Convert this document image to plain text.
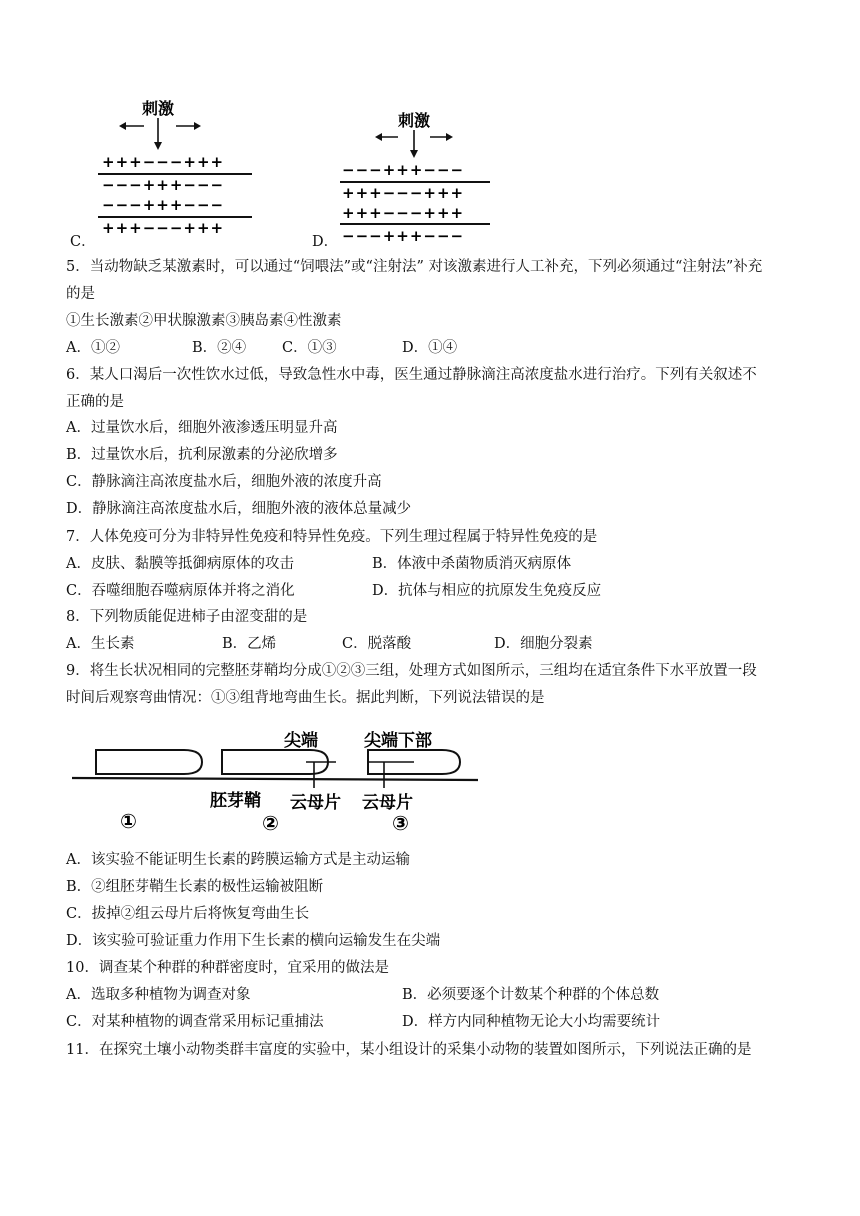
刺激
+++−−−+++
−−−+++−−−
−−−+++−−−
+++−−−+++
C．
刺激
−−−+++−−−
+++−−−+++
+++−−−+++
−−−+++−−−
D．
5．当动物缺乏某激素时，可以通过“饲喂法”或“注射法” 对该激素进行人工补充，下列必须通过“注射法”补充
的是
①生长激素②甲状腺激素③胰岛素④性激素
A．①②	B．②④ C．①③	D．①④
6．某人口渴后一次性饮水过低，导致急性水中毒，医生通过静脉滴注高浓度盐水进行治疗。下列有关叙述不
正确的是
A．过量饮水后，细胞外液渗透压明显升高
B．过量饮水后，抗利尿激素的分泌欣增多
C．静脉滴注高浓度盐水后，细胞外液的浓度升高
D．静脉滴注高浓度盐水后，细胞外液的液体总量减少
7．人体免疫可分为非特异性免疫和特异性免疫。下列生理过程属于特异性免疫的是
A．皮肤、黏膜等抵御病原体的攻击	B．体液中杀菌物质消灭病原体
C．吞噬细胞吞噬病原体并将之消化	D．抗体与相应的抗原发生免疫反应
8．下列物质能促进柿子由涩变甜的是
A．生长素	B．乙烯	C．脱落酸	D．细胞分裂素
9．将生长状况相同的完整胚芽鞘均分成①②③三组，处理方式如图所示，三组均在适宜条件下水平放置一段
时间后观察弯曲情况：①③组背地弯曲生长。据此判断，下列说法错误的是
尖端	尖端下部
胚芽鞘 云母片 云母片
①	②	③
A．该实验不能证明生长素的跨膜运输方式是主动运输
B．②组胚芽鞘生长素的极性运输被阻断
C．拔掉②组云母片后将恢复弯曲生长
D．该实验可验证重力作用下生长素的横向运输发生在尖端
10．调查某个种群的种群密度时，宜采用的做法是
A．选取多种植物为调查对象	B．必须要逐个计数某个种群的个体总数
C．对某种植物的调查常采用标记重捕法	D．样方内同种植物无论大小均需要统计
11．在探究土壤小动物类群丰富度的实验中，某小组设计的采集小动物的装置如图所示，下列说法正确的是
